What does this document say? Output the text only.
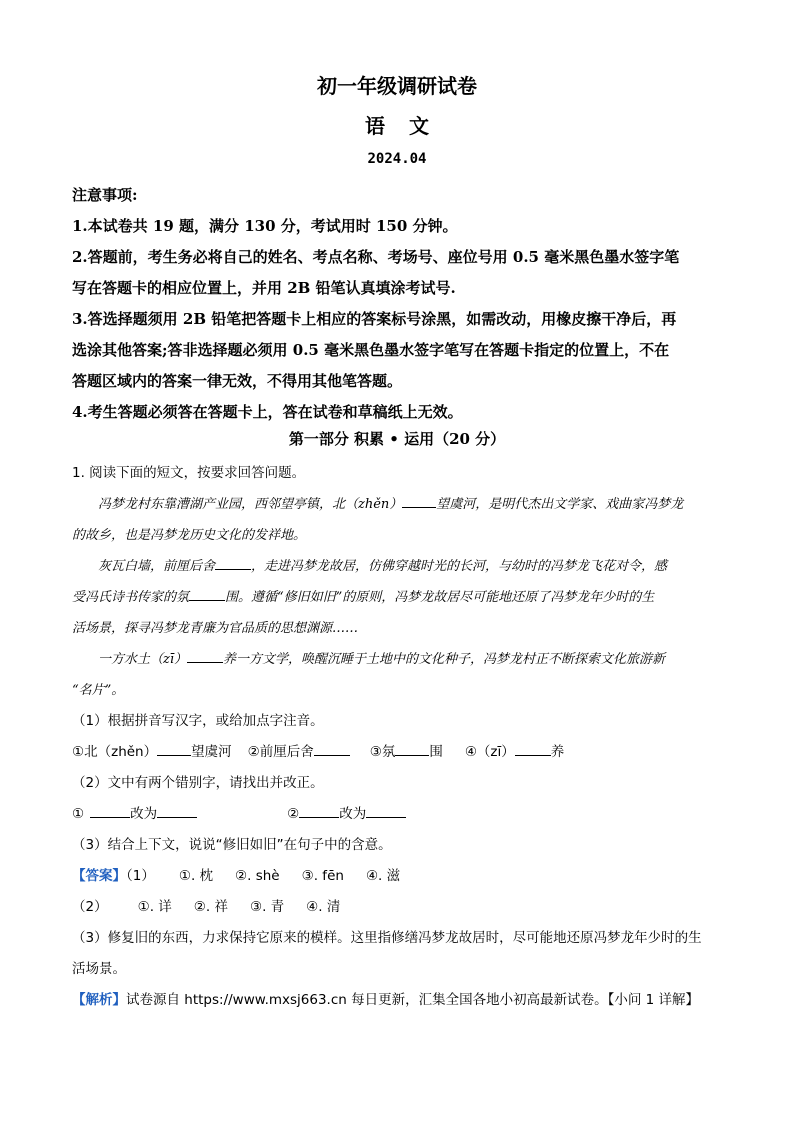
初一年级调研试卷
语文
2024.04

注意事项:

1.本试卷共 19 题，满分 130 分，考试用时 150 分钟。

2.答题前，考生务必将自己的姓名、考点名称、考场号、座位号用 0.5 毫米黑色墨水签字笔

写在答题卡的相应位置上，并用 2B 铅笔认真填涂考试号.

3.答选择题须用 2B 铅笔把答题卡上相应的答案标号涂黑，如需改动，用橡皮擦干净后，再

选涂其他答案;答非选择题必须用 0.5 毫米黑色墨水签字笔写在答题卡指定的位置上，不在

答题区域内的答案一律无效，不得用其他笔答题。

4.考生答题必须答在答题卡上，答在试卷和草稿纸上无效。

第一部分 积累 • 运用（20 分）

1. 阅读下面的短文，按要求回答问题。

冯梦龙村东靠漕湖产业园，西邻望亭镇，北（zhěn）	望虞河，是明代杰出文学家、戏曲家冯梦龙

的故乡，也是冯梦龙历史文化的发祥地。

灰瓦白墙，前厘后舍	，走进冯梦龙故居，仿佛穿越时光的长河，与幼时的冯梦龙飞花对令，感

受冯氏诗书传家的氛	围。遵循“修旧如旧”的原则，冯梦龙故居尽可能地还原了冯梦龙年少时的生

活场景，探寻冯梦龙青廉为官品质的思想渊源……

一方水土（zī）	养一方文学，唤醒沉睡于土地中的文化种子，冯梦龙村正不断探索文化旅游新

“名片”。

（1）根据拼音写汉字，或给加点字注音。

①北（zhěn）	望虞河 ②前厘后舍	③氛	围 ④（zī）	养

（2）文中有两个错别字，请找出并改正。

①	改为	②	改为

（3）结合上下文，说说“修旧如旧”在句子中的含意。

【答案】（1） ①. 枕 ②. shè ③. fēn ④. 滋

（2） ①. 详 ②. 祥 ③. 青 ④. 清

（3）修复旧的东西，力求保持它原来的模样。这里指修缮冯梦龙故居时，尽可能地还原冯梦龙年少时的生

活场景。

【解析】试卷源自 https://www.mxsj663.cn 每日更新，汇集全国各地小初高最新试卷。【小问 1 详解】
